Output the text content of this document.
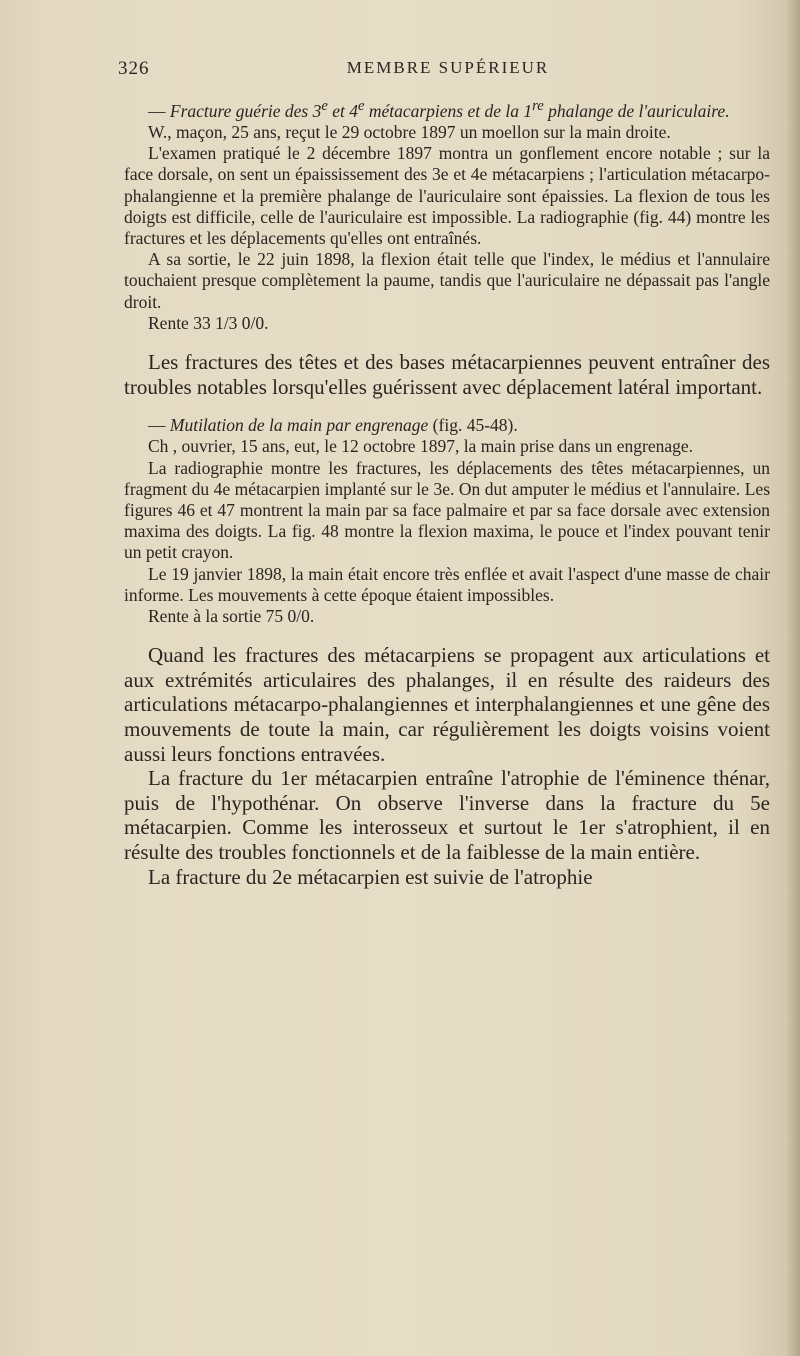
326	MEMBRE SUPÉRIEUR

— Fracture guérie des 3e et 4e métacarpiens et de la 1re phalange de l'auriculaire.

W., maçon, 25 ans, reçut le 29 octobre 1897 un moellon sur la main droite.

L'examen pratiqué le 2 décembre 1897 montra un gonflement encore notable ; sur la face dorsale, on sent un épaississement des 3e et 4e métacarpiens ; l'articulation métacarpo-phalangienne et la première phalange de l'auriculaire sont épaissies. La flexion de tous les doigts est difficile, celle de l'auriculaire est impossible. La radiographie (fig. 44) montre les fractures et les déplacements qu'elles ont entraînés.

A sa sortie, le 22 juin 1898, la flexion était telle que l'index, le médius et l'annulaire touchaient presque complètement la paume, tandis que l'auriculaire ne dépassait pas l'angle droit.

Rente 33 1/3 0/0.

Les fractures des têtes et des bases métacarpiennes peuvent entraîner des troubles notables lorsqu'elles guérissent avec déplacement latéral important.

— Mutilation de la main par engrenage (fig. 45-48).

Ch , ouvrier, 15 ans, eut, le 12 octobre 1897, la main prise dans un engrenage.

La radiographie montre les fractures, les déplacements des têtes métacarpiennes, un fragment du 4e métacarpien implanté sur le 3e. On dut amputer le médius et l'annulaire. Les figures 46 et 47 montrent la main par sa face palmaire et par sa face dorsale avec extension maxima des doigts. La fig. 48 montre la flexion maxima, le pouce et l'index pouvant tenir un petit crayon.

Le 19 janvier 1898, la main était encore très enflée et avait l'aspect d'une masse de chair informe. Les mouvements à cette époque étaient impossibles.

Rente à la sortie 75 0/0.

Quand les fractures des métacarpiens se propagent aux articulations et aux extrémités articulaires des phalanges, il en résulte des raideurs des articulations métacarpo-phalangiennes et interphalangiennes et une gêne des mouvements de toute la main, car régulièrement les doigts voisins voient aussi leurs fonctions entravées.

La fracture du 1er métacarpien entraîne l'atrophie de l'éminence thénar, puis de l'hypothénar. On observe l'inverse dans la fracture du 5e métacarpien. Comme les interosseux et surtout le 1er s'atrophient, il en résulte des troubles fonctionnels et de la faiblesse de la main entière.

La fracture du 2e métacarpien est suivie de l'atrophie
